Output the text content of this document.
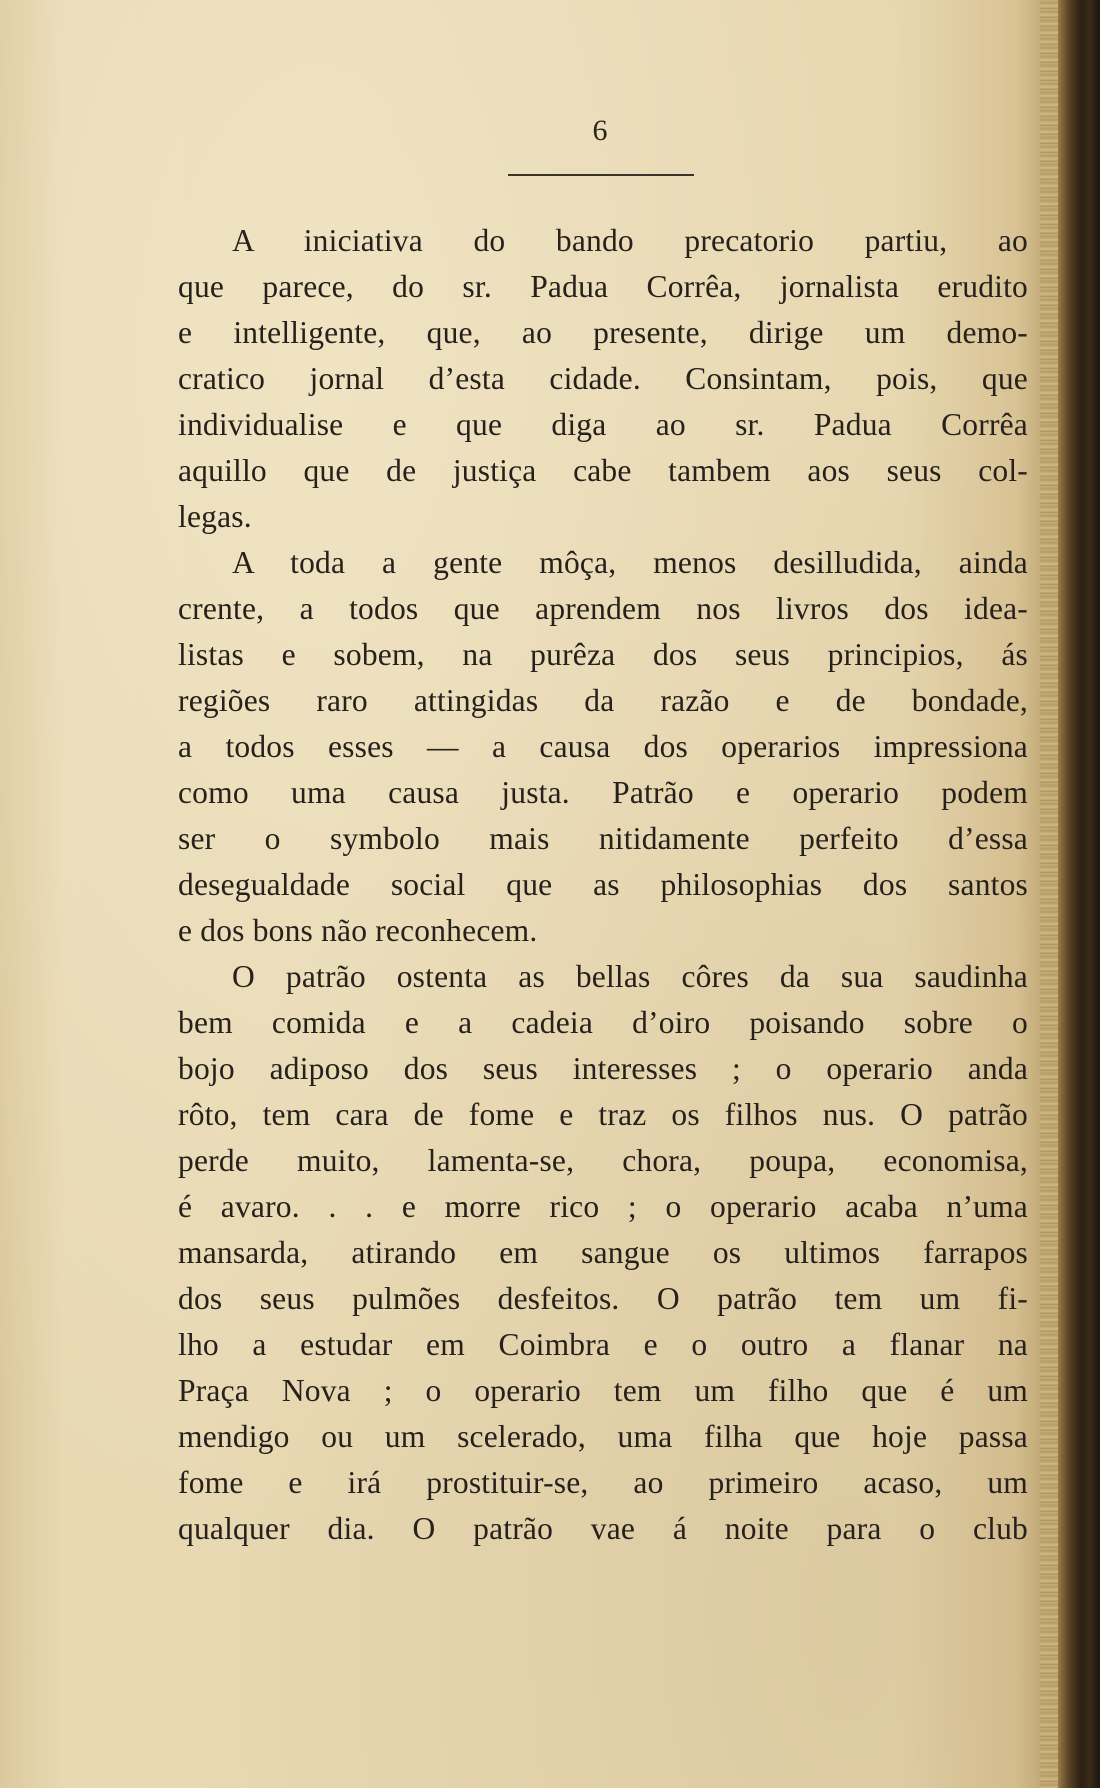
6
A iniciativa do bando precatorio partiu, ao
que parece, do sr. Padua Corrêa, jornalista erudito
e intelligente, que, ao presente, dirige um demo-
cratico jornal d’esta cidade. Consintam, pois, que
individualise e que diga ao sr. Padua Corrêa
aquillo que de justiça cabe tambem aos seus col-
legas.
A toda a gente môça, menos desilludida, ainda
crente, a todos que aprendem nos livros dos idea-
listas e sobem, na purêza dos seus principios, ás
regiões raro attingidas da razão e de bondade,
a todos esses — a causa dos operarios impressiona
como uma causa justa. Patrão e operario podem
ser o symbolo mais nitidamente perfeito d’essa
desegualdade social que as philosophias dos santos
e dos bons não reconhecem.
O patrão ostenta as bellas côres da sua saudinha
bem comida e a cadeia d’oiro poisando sobre o
bojo adiposo dos seus interesses ; o operario anda
rôto, tem cara de fome e traz os filhos nus. O patrão
perde muito, lamenta-se, chora, poupa, economisa,
é avaro. . . e morre rico ; o operario acaba n’uma
mansarda, atirando em sangue os ultimos farrapos
dos seus pulmões desfeitos. O patrão tem um fi-
lho a estudar em Coimbra e o outro a flanar na
Praça Nova ; o operario tem um filho que é um
mendigo ou um scelerado, uma filha que hoje passa
fome e irá prostituir-se, ao primeiro acaso, um
qualquer dia. O patrão vae á noite para o club
